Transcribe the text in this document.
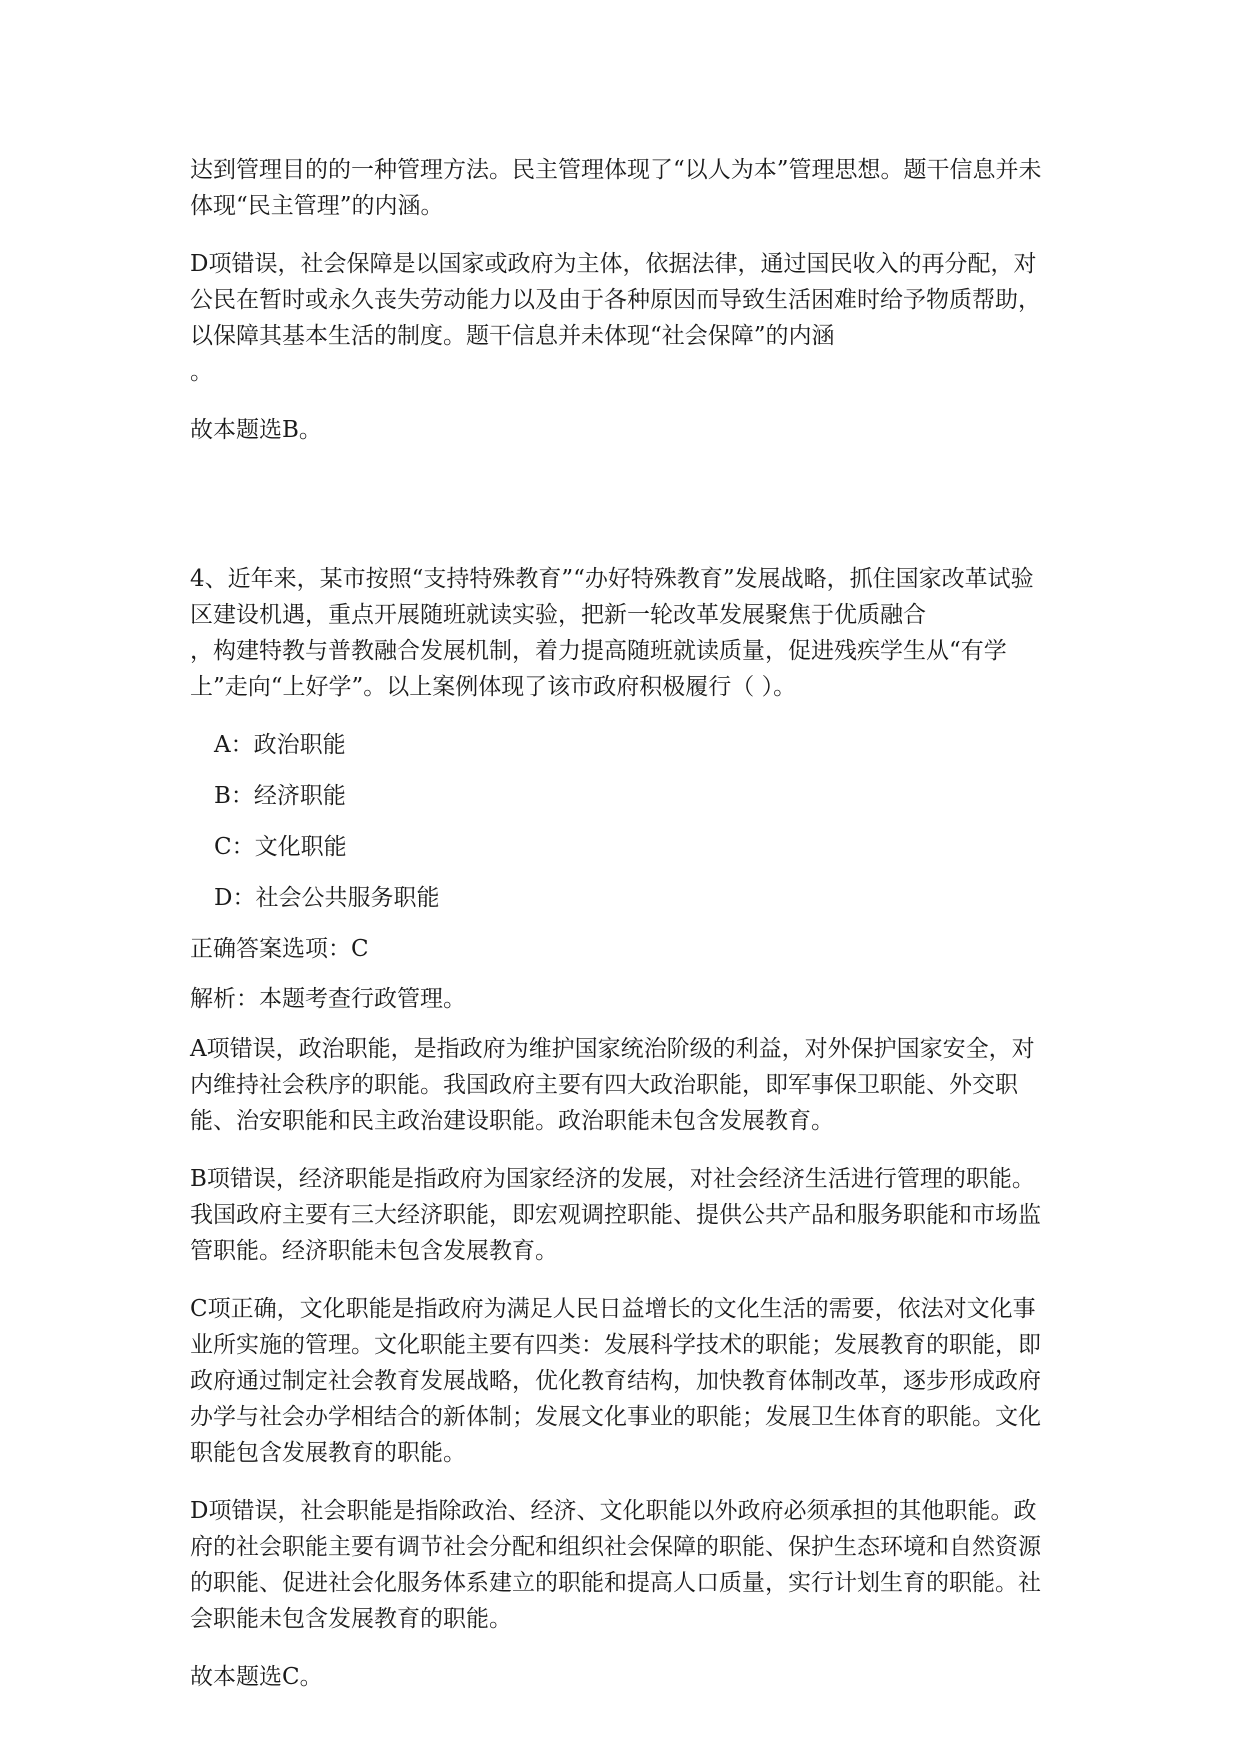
达到管理目的的一种管理方法。民主管理体现了“以人为本”管理思想。题干信息并未体现“民主管理”的内涵。

D项错误，社会保障是以国家或政府为主体，依据法律，通过国民收入的再分配，对公民在暂时或永久丧失劳动能力以及由于各种原因而导致生活困难时给予物质帮助，以保障其基本生活的制度。题干信息并未体现“社会保障”的内涵
。

故本题选B。

4、近年来，某市按照“支持特殊教育”“办好特殊教育”发展战略，抓住国家改革试验区建设机遇，重点开展随班就读实验，把新一轮改革发展聚焦于优质融合
，构建特教与普教融合发展机制，着力提高随班就读质量，促进残疾学生从“有学上”走向“上好学”。以上案例体现了该市政府积极履行（ ）。

A：政治职能
B：经济职能
C：文化职能
D：社会公共服务职能
正确答案选项：C
解析：本题考查行政管理。

A项错误，政治职能，是指政府为维护国家统治阶级的利益，对外保护国家安全，对内维持社会秩序的职能。我国政府主要有四大政治职能，即军事保卫职能、外交职能、治安职能和民主政治建设职能。政治职能未包含发展教育。

B项错误，经济职能是指政府为国家经济的发展，对社会经济生活进行管理的职能。我国政府主要有三大经济职能，即宏观调控职能、提供公共产品和服务职能和市场监管职能。经济职能未包含发展教育。

C项正确，文化职能是指政府为满足人民日益增长的文化生活的需要，依法对文化事业所实施的管理。文化职能主要有四类：发展科学技术的职能；发展教育的职能，即政府通过制定社会教育发展战略，优化教育结构，加快教育体制改革，逐步形成政府办学与社会办学相结合的新体制；发展文化事业的职能；发展卫生体育的职能。文化职能包含发展教育的职能。

D项错误，社会职能是指除政治、经济、文化职能以外政府必须承担的其他职能。政府的社会职能主要有调节社会分配和组织社会保障的职能、保护生态环境和自然资源的职能、促进社会化服务体系建立的职能和提高人口质量，实行计划生育的职能。社会职能未包含发展教育的职能。

故本题选C。
